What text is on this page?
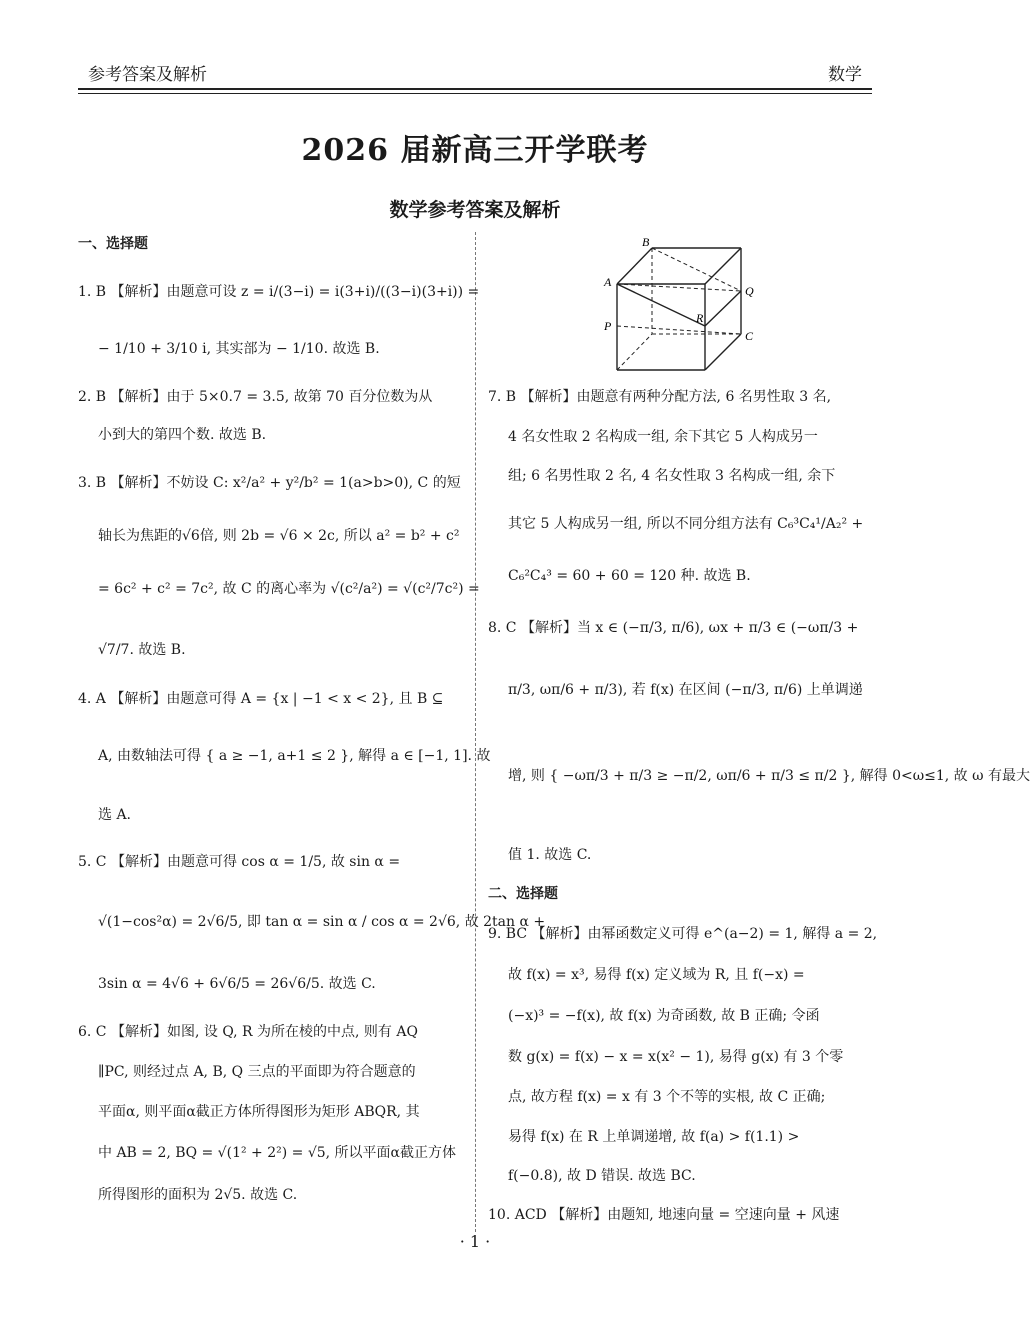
参考答案及解析	数学
2026 届新高三开学联考
数学参考答案及解析
一、选择题
1. B 【解析】由题意可设 z = i/(3−i) = i(3+i)/((3−i)(3+i)) =
− 1/10 + 3/10 i, 其实部为 − 1/10. 故选 B.
2. B 【解析】由于 5×0.7 = 3.5, 故第 70 百分位数为从
小到大的第四个数. 故选 B.
3. B 【解析】不妨设 C: x²/a² + y²/b² = 1(a>b>0), C 的短
轴长为焦距的√6倍, 则 2b = √6 × 2c, 所以 a² = b² + c²
= 6c² + c² = 7c², 故 C 的离心率为 √(c²/a²) = √(c²/7c²) =
√7/7. 故选 B.
4. A 【解析】由题意可得 A = {x | −1 < x < 2}, 且 B ⊆
A, 由数轴法可得 { a ≥ −1, a+1 ≤ 2 }, 解得 a ∈ [−1, 1]. 故
选 A.
5. C 【解析】由题意可得 cos α = 1/5, 故 sin α =
√(1−cos²α) = 2√6/5, 即 tan α = sin α / cos α = 2√6, 故 2tan α +
3sin α = 4√6 + 6√6/5 = 26√6/5. 故选 C.
6. C 【解析】如图, 设 Q, R 为所在棱的中点, 则有 AQ
∥PC, 则经过点 A, B, Q 三点的平面即为符合题意的
平面α, 则平面α截正方体所得图形为矩形 ABQR, 其
中 AB = 2, BQ = √(1² + 2²) = √5, 所以平面α截正方体
所得图形的面积为 2√5. 故选 C.
B
A
Q
R
P
C
7. B 【解析】由题意有两种分配方法, 6 名男性取 3 名,
4 名女性取 2 名构成一组, 余下其它 5 人构成另一
组; 6 名男性取 2 名, 4 名女性取 3 名构成一组, 余下
其它 5 人构成另一组, 所以不同分组方法有 C₆³C₄¹/A₂² +
C₆²C₄³ = 60 + 60 = 120 种. 故选 B.
8. C 【解析】当 x ∈ (−π/3, π/6), ωx + π/3 ∈ (−ωπ/3 +
π/3, ωπ/6 + π/3), 若 f(x) 在区间 (−π/3, π/6) 上单调递
增, 则 { −ωπ/3 + π/3 ≥ −π/2, ωπ/6 + π/3 ≤ π/2 }, 解得 0<ω≤1, 故 ω 有最大
值 1. 故选 C.
二、选择题
9. BC 【解析】由幂函数定义可得 e^(a−2) = 1, 解得 a = 2,
故 f(x) = x³, 易得 f(x) 定义域为 R, 且 f(−x) =
(−x)³ = −f(x), 故 f(x) 为奇函数, 故 B 正确; 令函
数 g(x) = f(x) − x = x(x² − 1), 易得 g(x) 有 3 个零
点, 故方程 f(x) = x 有 3 个不等的实根, 故 C 正确;
易得 f(x) 在 R 上单调递增, 故 f(a) > f(1.1) >
f(−0.8), 故 D 错误. 故选 BC.
10. ACD 【解析】由题知, 地速向量 = 空速向量 + 风速
· 1 ·
